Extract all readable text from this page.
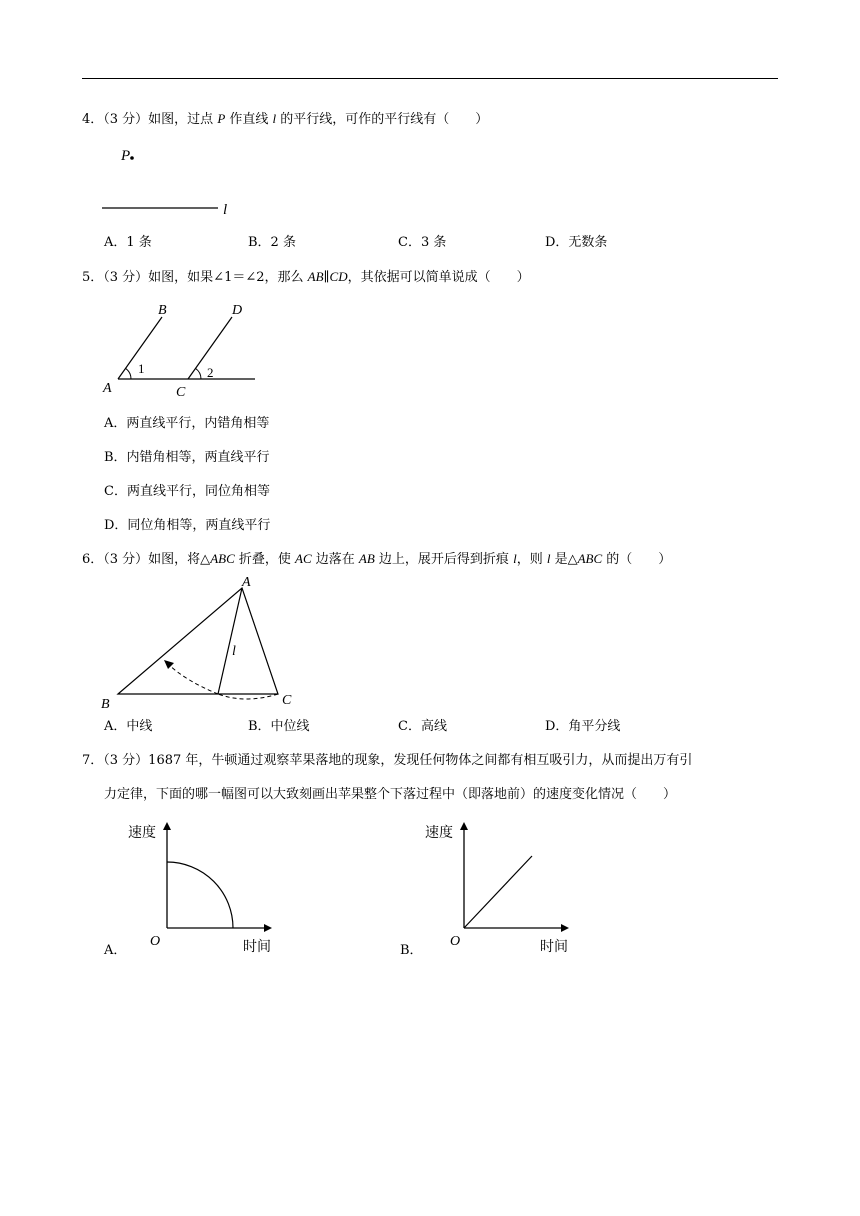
4．（3 分）如图，过点 P 作直线 l 的平行线，可作的平行线有（　　）
P
l
A．1 条	B．2 条	C．3 条	D．无数条
5．（3 分）如图，如果∠1＝∠2，那么 AB∥CD，其依据可以简单说成（　　）
B	D
A	C
1	2
A．两直线平行，内错角相等
B．内错角相等，两直线平行
C．两直线平行，同位角相等
D．同位角相等，两直线平行
6．（3 分）如图，将△ABC 折叠，使 AC 边落在 AB 边上，展开后得到折痕 l，则 l 是△ABC 的（　　）
A
B	C
l
A．中线	B．中位线	C．高线	D．角平分线
7．（3 分）1687 年，牛顿通过观察苹果落地的现象，发现任何物体之间都有相互吸引力，从而提出万有引
力定律，下面的哪一幅图可以大致刻画出苹果整个下落过程中（即落地前）的速度变化情况（　　）
速度
时间
O
A．
速度
时间
O
B．
